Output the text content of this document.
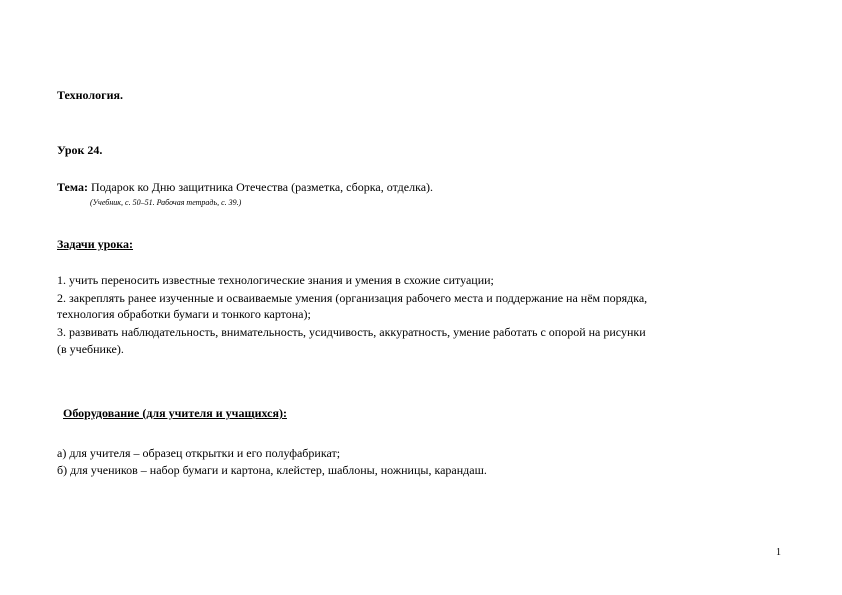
Технология.
Урок 24.
Тема: Подарок ко Дню защитника Отечества (разметка, сборка, отделка).
(Учебник, с. 50–51. Рабочая тетрадь, с. 39.)
Задачи урока:
1. учить переносить известные технологические знания и умения в схожие ситуации;
2. закреплять ранее изученные и осваиваемые умения (организация рабочего места и поддержание на нём порядка,
технология обработки бумаги и тонкого картона);
3. развивать наблюдательность, внимательность, усидчивость, аккуратность, умение работать с опорой на рисунки
(в учебнике).
Оборудование (для учителя и учащихся):
а) для учителя – образец открытки и его полуфабрикат;
б) для учеников – набор бумаги и картона, клейстер, шаблоны, ножницы, карандаш.
1
